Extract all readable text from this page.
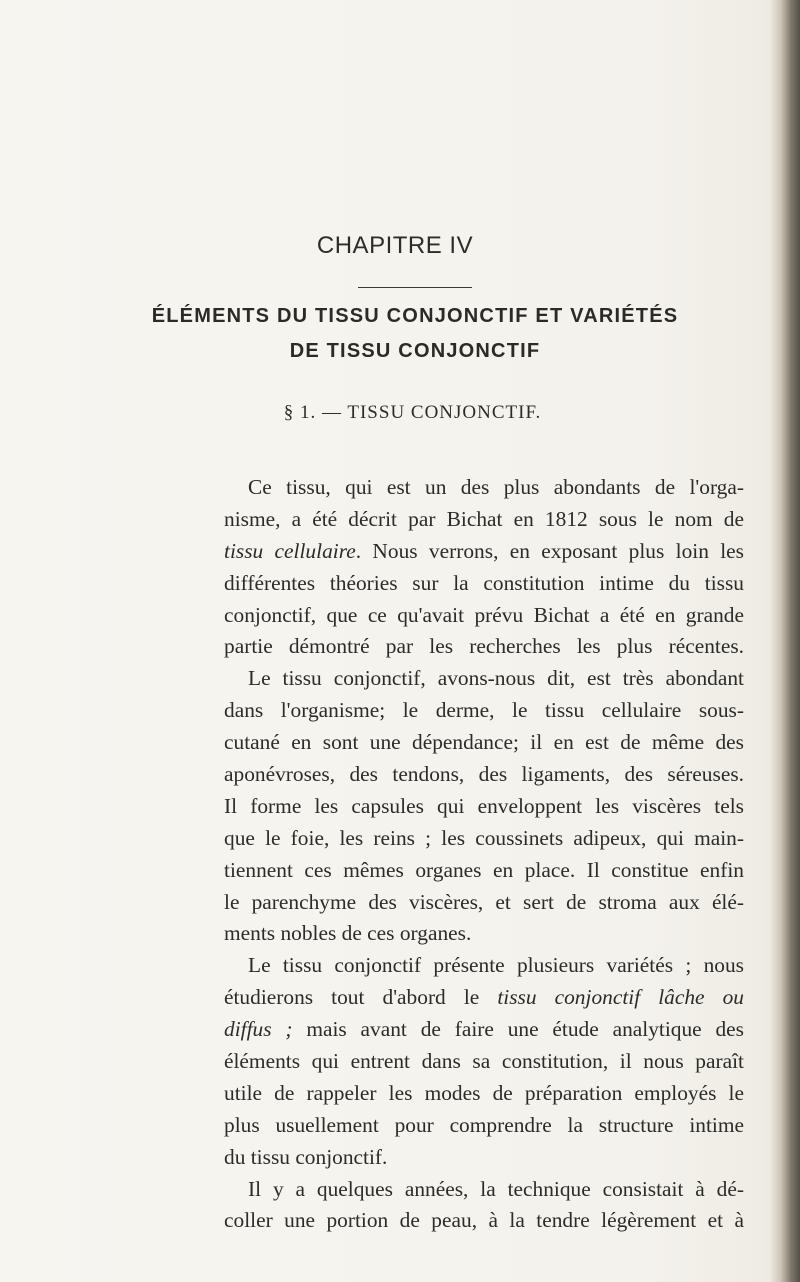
CHAPITRE IV
ÉLÉMENTS DU TISSU CONJONCTIF ET VARIÉTÉS
DE TISSU CONJONCTIF
§ 1. — TISSU CONJONCTIF.
Ce tissu, qui est un des plus abondants de l'orga-
nisme, a été décrit par Bichat en 1812 sous le nom de
tissu cellulaire. Nous verrons, en exposant plus loin les
différentes théories sur la constitution intime du tissu
conjonctif, que ce qu'avait prévu Bichat a été en grande
partie démontré par les recherches les plus récentes.
Le tissu conjonctif, avons-nous dit, est très abondant
dans l'organisme; le derme, le tissu cellulaire sous-
cutané en sont une dépendance; il en est de même des
aponévroses, des tendons, des ligaments, des séreuses.
Il forme les capsules qui enveloppent les viscères tels
que le foie, les reins ; les coussinets adipeux, qui main-
tiennent ces mêmes organes en place. Il constitue enfin
le parenchyme des viscères, et sert de stroma aux élé-
ments nobles de ces organes.
Le tissu conjonctif présente plusieurs variétés ; nous
étudierons tout d'abord le tissu conjonctif lâche ou
diffus ; mais avant de faire une étude analytique des
éléments qui entrent dans sa constitution, il nous paraît
utile de rappeler les modes de préparation employés le
plus usuellement pour comprendre la structure intime
du tissu conjonctif.
Il y a quelques années, la technique consistait à dé-
coller une portion de peau, à la tendre légèrement et à
